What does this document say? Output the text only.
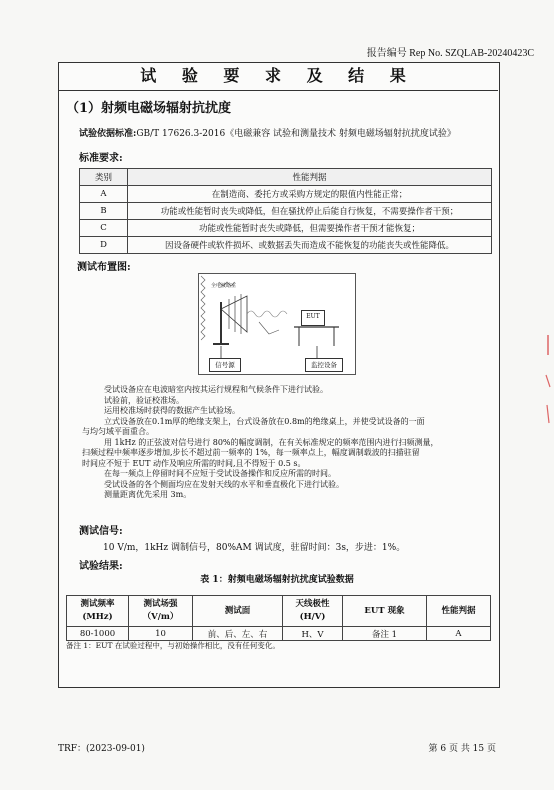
报告编号 Rep No. SZQLAB-20240423C
试 验 要 求 及 结 果
（1）射频电磁场辐射抗扰度
试验依据标准:GB/T 17626.3-2016《电磁兼容 试验和测量技术 射频电磁场辐射抗扰度试验》
标准要求:
类别	性能判据
A	在制造商、委托方或采购方规定的限值内性能正常；
B	功能或性能暂时丧失或降低，但在骚扰停止后能自行恢复，不需要操作者干预；
C	功能或性能暂时丧失或降低，但需要操作者干预才能恢复；
D	因设备硬件或软件损坏、或数据丢失而造成不能恢复的功能丧失或性能降低。
测试布置图:
全电波暗室
EUT
信号源	监控设备
受试设备应在电波暗室内按其运行规程和气候条件下进行试验。
试验前，验证校准场。
运用校准场时获得的数据产生试验场。
立式设备放在0.1m厚的绝缘支架上，台式设备放在0.8m的绝缘桌上，并使受试设备的一面
与均匀域平面重合。
用 1kHz 的正弦波对信号进行 80%的幅度调制，在有关标准规定的频率范围内进行扫频测量，
扫频过程中频率逐步增加,步长不超过前一频率的 1%，每一频率点上，幅度调制载波的扫描驻留
时间应不短于 EUT 动作及响应所需的时间,且不得短于 0.5 s。
在每一频点上停留时间不应短于受试设备操作和反应所需的时间。
受试设备的各个侧面均应在发射天线的水平和垂直极化下进行试验。
测量距离优先采用 3m。
测试信号:
10 V/m，1kHz 调制信号，80%AM 调试度，驻留时间：3s，步进：1%。
试验结果:
表 1：射频电磁场辐射抗扰度试验数据
测试频率 (MHz)	测试场强 （V/m）	测试面	天线极性 (H/V)	EUT 现象	性能判据
80-1000	10	前、后、左、右	H、V	备注 1	A
备注 1：EUT 在试验过程中，与初始操作相比，没有任何变化。
TRF：(2023-09-01)	第 6 页 共 15 页
